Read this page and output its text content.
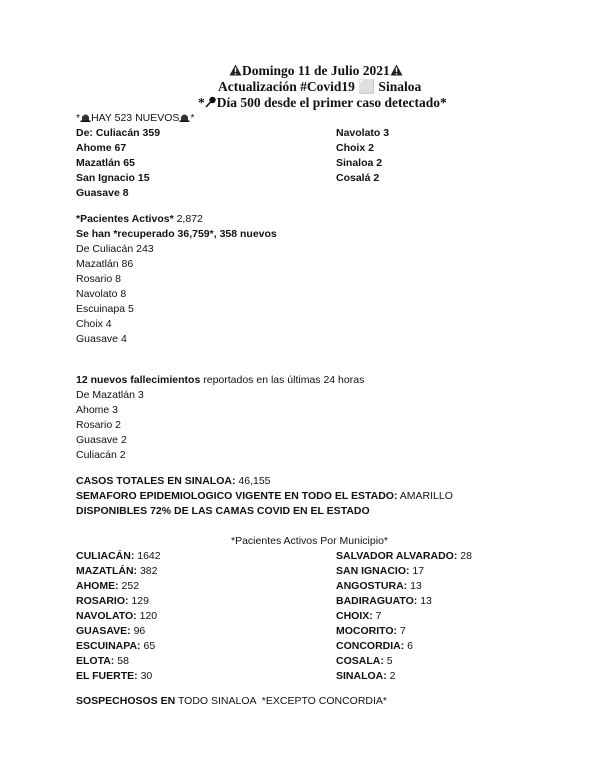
Domingo 11 de Julio 2021
Actualización #Covid19 ⬜ Sinaloa
* Día 500 desde el primer caso detectado*
* HAY 523 NUEVOS *
De: Culiacán 359
Ahome 67
Mazatlán 65
San Ignacio 15
Guasave 8
Navolato 3
Choix 2
Sinaloa 2
Cosalá 2
*Pacientes Activos* 2,872
Se han *recuperado 36,759*, 358 nuevos
De Culiacán 243
Mazatlán 86
Rosario 8
Navolato 8
Escuinapa 5
Choix 4
Guasave 4
12 nuevos fallecimientos reportados en las últimas 24 horas
De Mazatlán 3
Ahome 3
Rosario 2
Guasave 2
Culiacán 2
CASOS TOTALES EN SINALOA: 46,155
SEMAFORO EPIDEMIOLOGICO VIGENTE EN TODO EL ESTADO: AMARILLO
DISPONIBLES 72% DE LAS CAMAS COVID EN EL ESTADO
*Pacientes Activos Por Municipio*
CULIACÁN: 1642
MAZATLÁN: 382
AHOME: 252
ROSARIO: 129
NAVOLATO: 120
GUASAVE: 96
ESCUINAPA: 65
ELOTA: 58
EL FUERTE: 30
SALVADOR ALVARADO: 28
SAN IGNACIO: 17
ANGOSTURA: 13
BADIRAGUATO: 13
CHOIX: 7
MOCORITO: 7
CONCORDIA: 6
COSALA: 5
SINALOA: 2
SOSPECHOSOS EN TODO SINALOA  *EXCEPTO CONCORDIA*
